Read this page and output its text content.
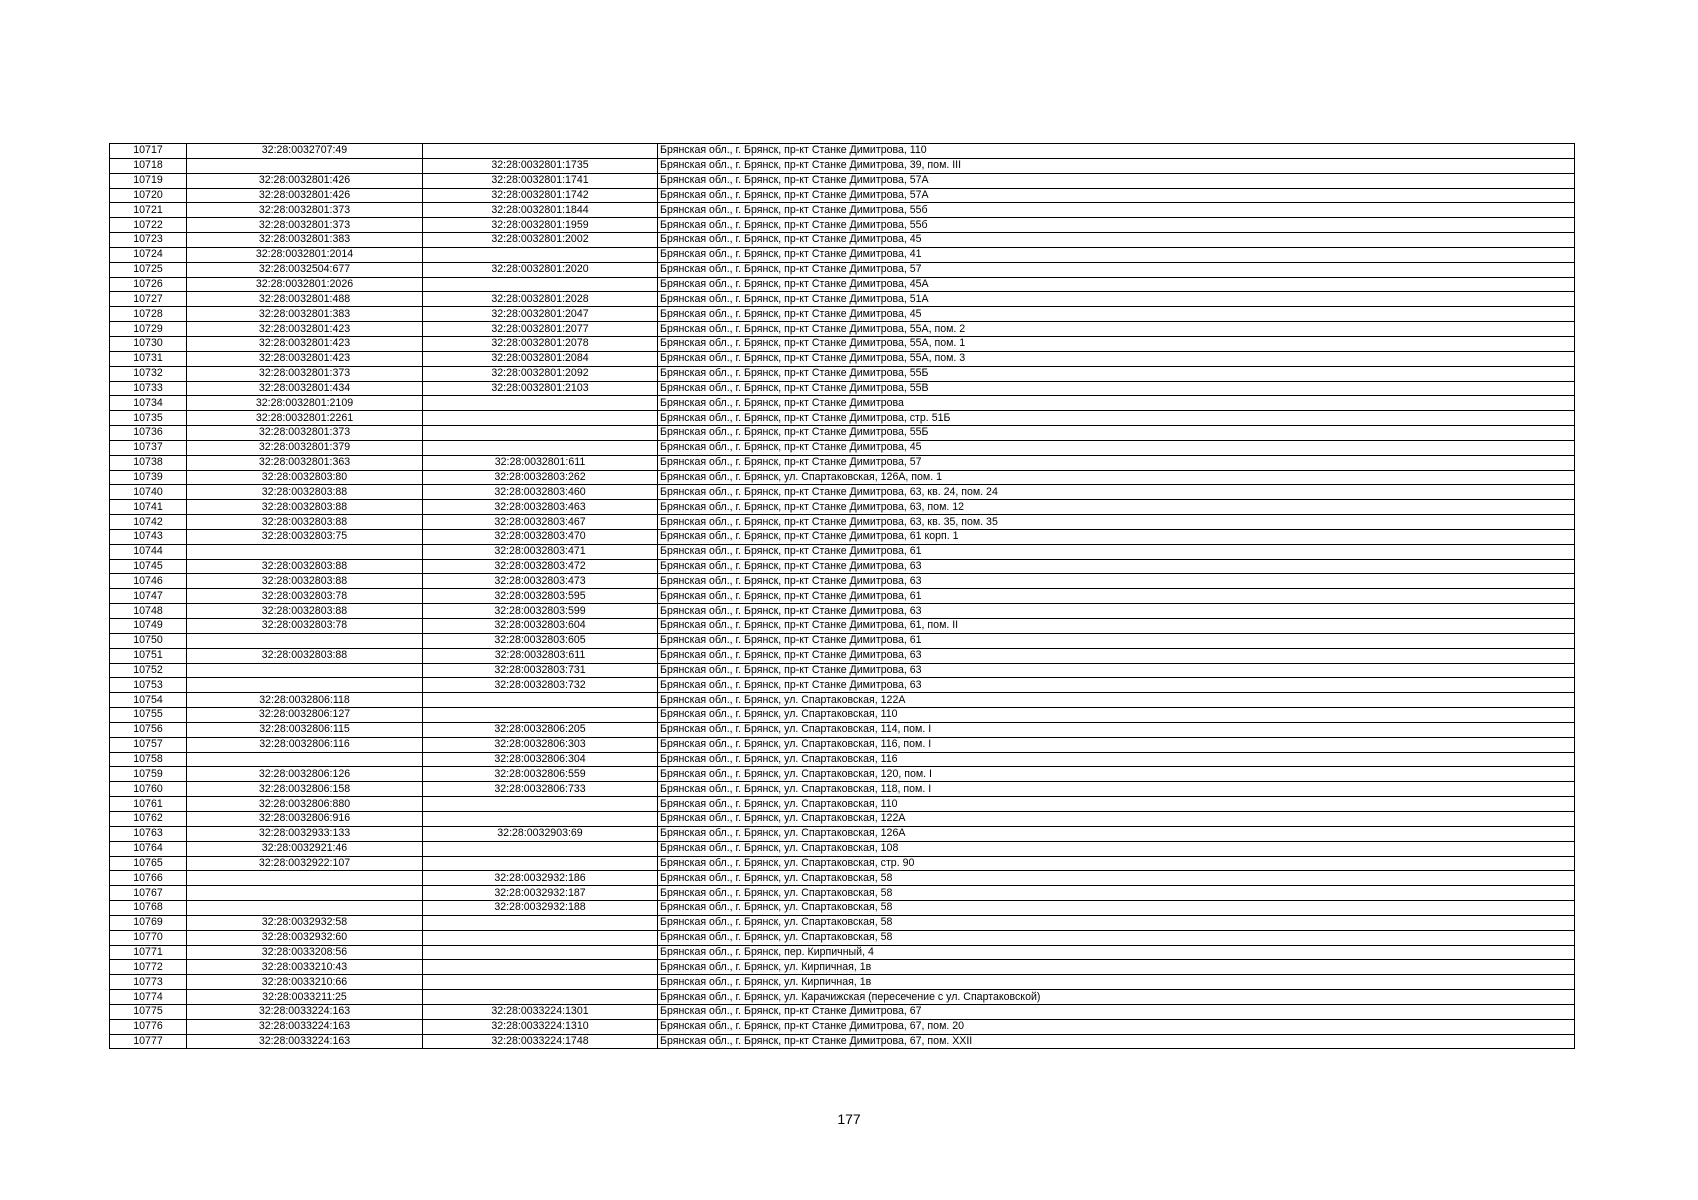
10717	32:28:0032707:49		Брянская обл., г. Брянск, пр-кт Станке Димитрова, 110
10718		32:28:0032801:1735	Брянская обл., г. Брянск, пр-кт Станке Димитрова, 39, пом. III
10719	32:28:0032801:426	32:28:0032801:1741	Брянская обл., г. Брянск, пр-кт Станке Димитрова, 57А
10720	32:28:0032801:426	32:28:0032801:1742	Брянская обл., г. Брянск, пр-кт Станке Димитрова, 57А
10721	32:28:0032801:373	32:28:0032801:1844	Брянская обл., г. Брянск, пр-кт Станке Димитрова, 55б
10722	32:28:0032801:373	32:28:0032801:1959	Брянская обл., г. Брянск, пр-кт Станке Димитрова, 55б
10723	32:28:0032801:383	32:28:0032801:2002	Брянская обл., г. Брянск, пр-кт Станке Димитрова, 45
10724	32:28:0032801:2014		Брянская обл., г. Брянск, пр-кт Станке Димитрова, 41
10725	32:28:0032504:677	32:28:0032801:2020	Брянская обл., г. Брянск, пр-кт Станке Димитрова, 57
10726	32:28:0032801:2026		Брянская обл., г. Брянск, пр-кт Станке Димитрова, 45А
10727	32:28:0032801:488	32:28:0032801:2028	Брянская обл., г. Брянск, пр-кт Станке Димитрова, 51А
10728	32:28:0032801:383	32:28:0032801:2047	Брянская обл., г. Брянск, пр-кт Станке Димитрова, 45
10729	32:28:0032801:423	32:28:0032801:2077	Брянская обл., г. Брянск, пр-кт Станке Димитрова, 55А, пом. 2
10730	32:28:0032801:423	32:28:0032801:2078	Брянская обл., г. Брянск, пр-кт Станке Димитрова, 55А, пом. 1
10731	32:28:0032801:423	32:28:0032801:2084	Брянская обл., г. Брянск, пр-кт Станке Димитрова, 55А, пом. 3
10732	32:28:0032801:373	32:28:0032801:2092	Брянская обл., г. Брянск, пр-кт Станке Димитрова, 55Б
10733	32:28:0032801:434	32:28:0032801:2103	Брянская обл., г. Брянск, пр-кт Станке Димитрова, 55В
10734	32:28:0032801:2109		Брянская обл., г. Брянск, пр-кт Станке Димитрова
10735	32:28:0032801:2261		Брянская обл., г. Брянск, пр-кт Станке Димитрова, стр. 51Б
10736	32:28:0032801:373		Брянская обл., г. Брянск, пр-кт Станке Димитрова, 55Б
10737	32:28:0032801:379		Брянская обл., г. Брянск, пр-кт Станке Димитрова, 45
10738	32:28:0032801:363	32:28:0032801:611	Брянская обл., г. Брянск, пр-кт Станке Димитрова, 57
10739	32:28:0032803:80	32:28:0032803:262	Брянская обл., г. Брянск, ул. Спартаковская, 126А, пом. 1
10740	32:28:0032803:88	32:28:0032803:460	Брянская обл., г. Брянск, пр-кт Станке Димитрова, 63, кв. 24, пом. 24
10741	32:28:0032803:88	32:28:0032803:463	Брянская обл., г. Брянск, пр-кт Станке Димитрова, 63, пом. 12
10742	32:28:0032803:88	32:28:0032803:467	Брянская обл., г. Брянск, пр-кт Станке Димитрова, 63, кв. 35, пом. 35
10743	32:28:0032803:75	32:28:0032803:470	Брянская обл., г. Брянск, пр-кт Станке Димитрова, 61 корп. 1
10744		32:28:0032803:471	Брянская обл., г. Брянск, пр-кт Станке Димитрова, 61
10745	32:28:0032803:88	32:28:0032803:472	Брянская обл., г. Брянск, пр-кт Станке Димитрова, 63
10746	32:28:0032803:88	32:28:0032803:473	Брянская обл., г. Брянск, пр-кт Станке Димитрова, 63
10747	32:28:0032803:78	32:28:0032803:595	Брянская обл., г. Брянск, пр-кт Станке Димитрова, 61
10748	32:28:0032803:88	32:28:0032803:599	Брянская обл., г. Брянск, пр-кт Станке Димитрова, 63
10749	32:28:0032803:78	32:28:0032803:604	Брянская обл., г. Брянск, пр-кт Станке Димитрова, 61, пом. II
10750		32:28:0032803:605	Брянская обл., г. Брянск, пр-кт Станке Димитрова, 61
10751	32:28:0032803:88	32:28:0032803:611	Брянская обл., г. Брянск, пр-кт Станке Димитрова, 63
10752		32:28:0032803:731	Брянская обл., г. Брянск, пр-кт Станке Димитрова, 63
10753		32:28:0032803:732	Брянская обл., г. Брянск, пр-кт Станке Димитрова, 63
10754	32:28:0032806:118		Брянская обл., г. Брянск, ул. Спартаковская, 122А
10755	32:28:0032806:127		Брянская обл., г. Брянск, ул. Спартаковская, 110
10756	32:28:0032806:115	32:28:0032806:205	Брянская обл., г. Брянск, ул. Спартаковская, 114, пом. I
10757	32:28:0032806:116	32:28:0032806:303	Брянская обл., г. Брянск, ул. Спартаковская, 116, пом. I
10758		32:28:0032806:304	Брянская обл., г. Брянск, ул. Спартаковская, 116
10759	32:28:0032806:126	32:28:0032806:559	Брянская обл., г. Брянск, ул. Спартаковская, 120, пом. I
10760	32:28:0032806:158	32:28:0032806:733	Брянская обл., г. Брянск, ул. Спартаковская, 118, пом. I
10761	32:28:0032806:880		Брянская обл., г. Брянск, ул. Спартаковская, 110
10762	32:28:0032806:916		Брянская обл., г. Брянск, ул. Спартаковская, 122А
10763	32:28:0032933:133	32:28:0032903:69	Брянская обл., г. Брянск, ул. Спартаковская, 126А
10764	32:28:0032921:46		Брянская обл., г. Брянск, ул. Спартаковская, 108
10765	32:28:0032922:107		Брянская обл., г. Брянск, ул. Спартаковская, стр. 90
10766		32:28:0032932:186	Брянская обл., г. Брянск, ул. Спартаковская, 58
10767		32:28:0032932:187	Брянская обл., г. Брянск, ул. Спартаковская, 58
10768		32:28:0032932:188	Брянская обл., г. Брянск, ул. Спартаковская, 58
10769	32:28:0032932:58		Брянская обл., г. Брянск, ул. Спартаковская, 58
10770	32:28:0032932:60		Брянская обл., г. Брянск, ул. Спартаковская, 58
10771	32:28:0033208:56		Брянская обл., г. Брянск, пер. Кирпичный, 4
10772	32:28:0033210:43		Брянская обл., г. Брянск, ул. Кирпичная, 1в
10773	32:28:0033210:66		Брянская обл., г. Брянск, ул. Кирпичная, 1в
10774	32:28:0033211:25		Брянская обл., г. Брянск, ул. Карачижская (пересечение с ул. Спартаковской)
10775	32:28:0033224:163	32:28:0033224:1301	Брянская обл., г. Брянск, пр-кт Станке Димитрова, 67
10776	32:28:0033224:163	32:28:0033224:1310	Брянская обл., г. Брянск, пр-кт Станке Димитрова, 67, пом. 20
10777	32:28:0033224:163	32:28:0033224:1748	Брянская обл., г. Брянск, пр-кт Станке Димитрова, 67, пом. XXII
177
